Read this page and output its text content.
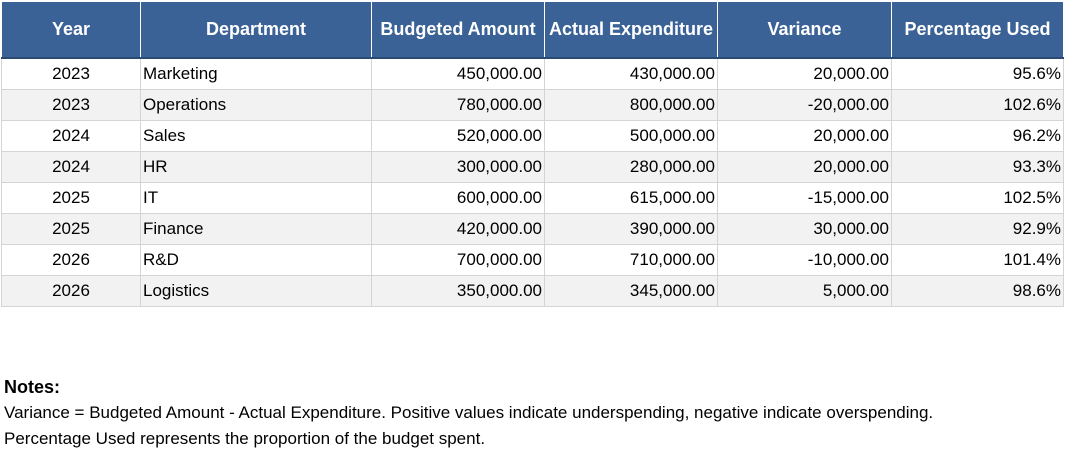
Year	Department	Budgeted Amount	Actual Expenditure	Variance	Percentage Used
2023	Marketing	450,000.00	430,000.00	20,000.00	95.6%
2023	Operations	780,000.00	800,000.00	-20,000.00	102.6%
2024	Sales	520,000.00	500,000.00	20,000.00	96.2%
2024	HR	300,000.00	280,000.00	20,000.00	93.3%
2025	IT	600,000.00	615,000.00	-15,000.00	102.5%
2025	Finance	420,000.00	390,000.00	30,000.00	92.9%
2026	R&D	700,000.00	710,000.00	-10,000.00	101.4%
2026	Logistics	350,000.00	345,000.00	5,000.00	98.6%
Notes:
Variance = Budgeted Amount - Actual Expenditure. Positive values indicate underspending, negative indicate overspending.
Percentage Used represents the proportion of the budget spent.
